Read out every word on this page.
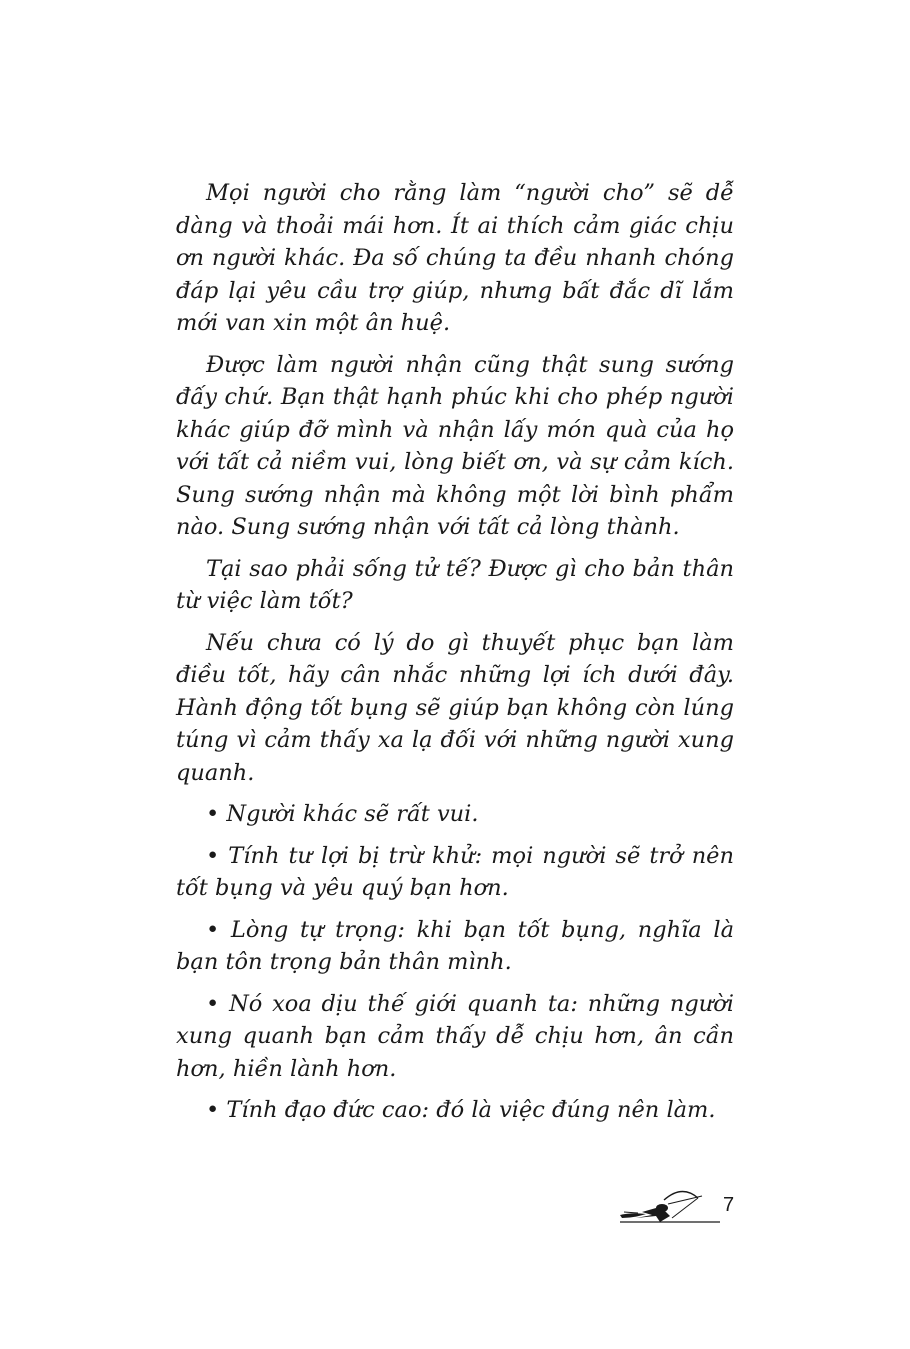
Mọi người cho rằng làm “người cho” sẽ dễ dàng và thoải mái hơn. Ít ai thích cảm giác chịu ơn người khác. Đa số chúng ta đều nhanh chóng đáp lại yêu cầu trợ giúp, nhưng bất đắc dĩ lắm mới van xin một ân huệ.

Được làm người nhận cũng thật sung sướng đấy chứ. Bạn thật hạnh phúc khi cho phép người khác giúp đỡ mình và nhận lấy món quà của họ với tất cả niềm vui, lòng biết ơn, và sự cảm kích. Sung sướng nhận mà không một lời bình phẩm nào. Sung sướng nhận với tất cả lòng thành.

Tại sao phải sống tử tế? Được gì cho bản thân từ việc làm tốt?

Nếu chưa có lý do gì thuyết phục bạn làm điều tốt, hãy cân nhắc những lợi ích dưới đây. Hành động tốt bụng sẽ giúp bạn không còn lúng túng vì cảm thấy xa lạ đối với những người xung quanh.

• Người khác sẽ rất vui.

• Tính tư lợi bị trừ khử: mọi người sẽ trở nên tốt bụng và yêu quý bạn hơn.

• Lòng tự trọng: khi bạn tốt bụng, nghĩa là bạn tôn trọng bản thân mình.

• Nó xoa dịu thế giới quanh ta: những người xung quanh bạn cảm thấy dễ chịu hơn, ân cần hơn, hiền lành hơn.

• Tính đạo đức cao: đó là việc đúng nên làm.

7
